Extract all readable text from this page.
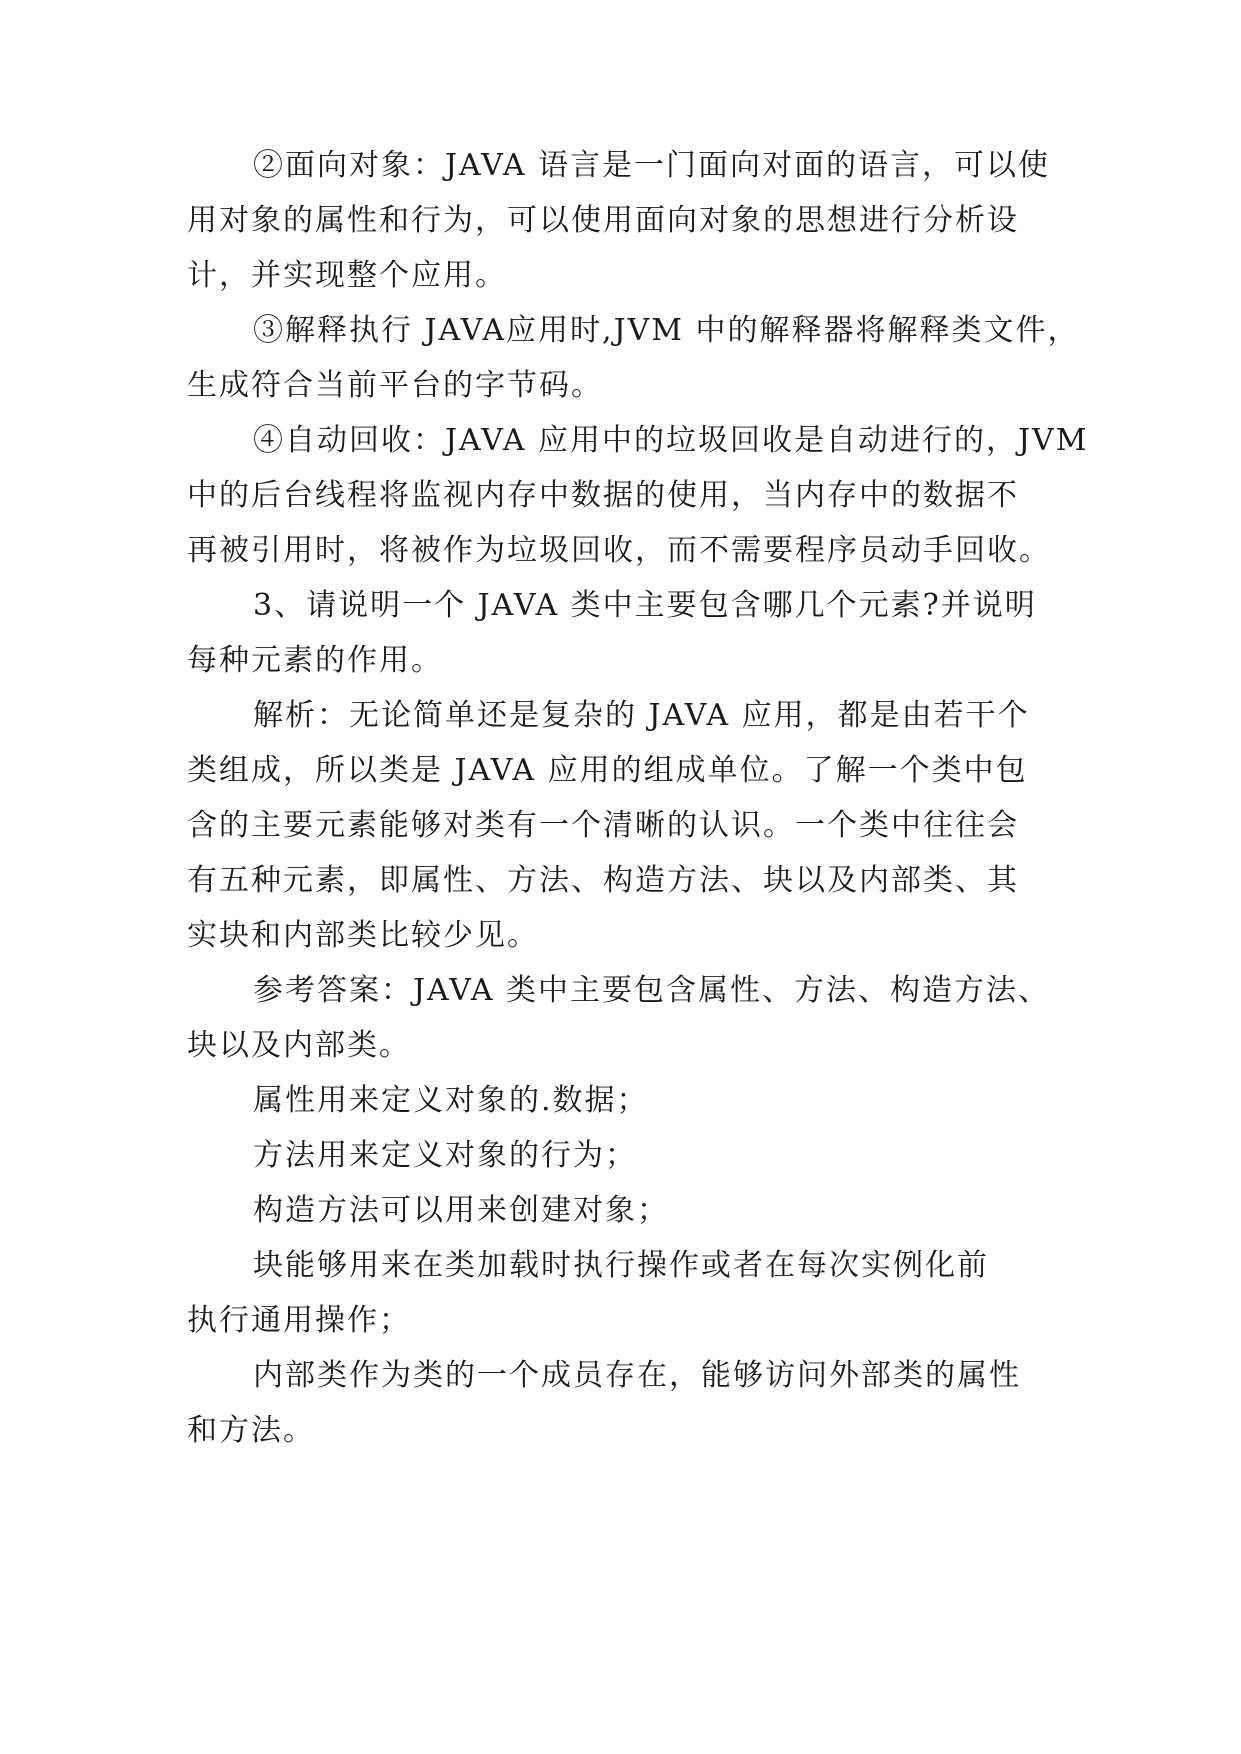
②面向对象：JAVA 语言是一门面向对面的语言，可以使
用对象的属性和行为，可以使用面向对象的思想进行分析设
计，并实现整个应用。
③解释执行 JAVA应用时,JVM 中的解释器将解释类文件，
生成符合当前平台的字节码。
④自动回收：JAVA 应用中的垃圾回收是自动进行的，JVM
中的后台线程将监视内存中数据的使用，当内存中的数据不
再被引用时，将被作为垃圾回收，而不需要程序员动手回收。
3、请说明一个 JAVA 类中主要包含哪几个元素?并说明
每种元素的作用。
解析：无论简单还是复杂的 JAVA 应用，都是由若干个
类组成，所以类是 JAVA 应用的组成单位。了解一个类中包
含的主要元素能够对类有一个清晰的认识。一个类中往往会
有五种元素，即属性、方法、构造方法、块以及内部类、其
实块和内部类比较少见。
参考答案：JAVA 类中主要包含属性、方法、构造方法、
块以及内部类。
属性用来定义对象的.数据；
方法用来定义对象的行为；
构造方法可以用来创建对象；
块能够用来在类加载时执行操作或者在每次实例化前
执行通用操作；
内部类作为类的一个成员存在，能够访问外部类的属性
和方法。
